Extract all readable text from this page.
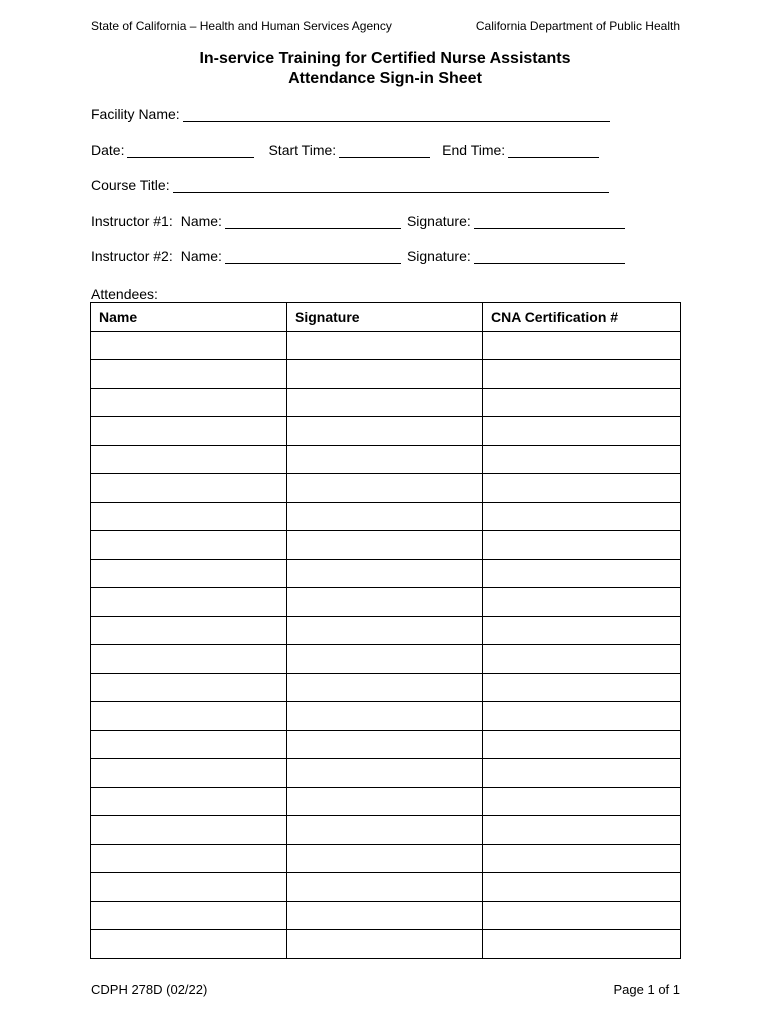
State of California – Health and Human Services Agency	California Department of Public Health
In-service Training for Certified Nurse Assistants
Attendance Sign-in Sheet
Facility Name:
Date:	Start Time:	End Time:
Course Title:
Instructor #1: Name:	Signature:
Instructor #2: Name:	Signature:
Attendees:
Name	Signature	CNA Certification #

CDPH 278D (02/22)	Page 1 of 1
